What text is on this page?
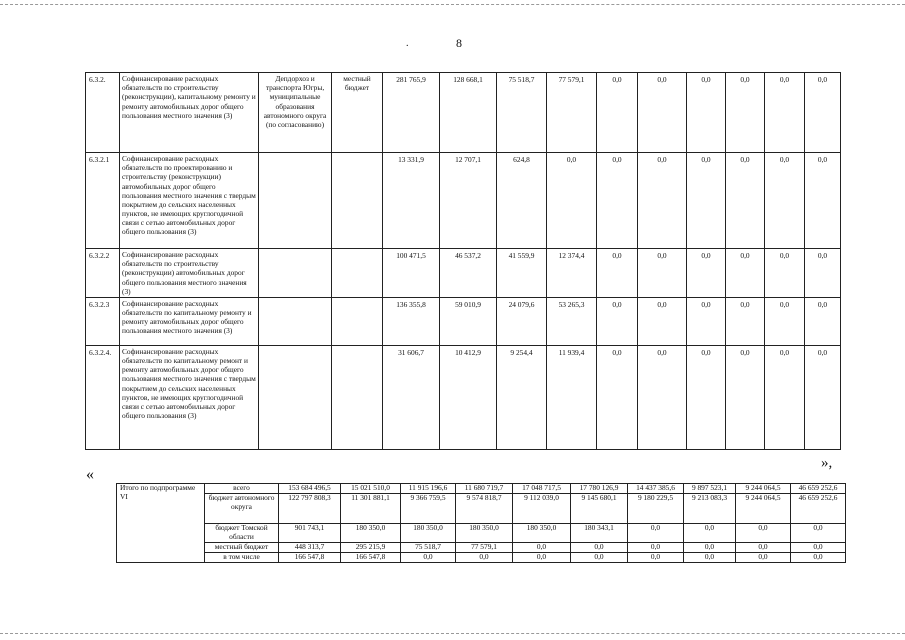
.	8
6.3.2.	Софинансирование расходных обязательств по строительству (реконструкции), капитальному ремонту и ремонту автомобильных дорог общего пользования местного значения (3)	Депдорхоз и транспорта Югры, муниципальные образования автономного округа (по согласованию)	местный бюджет	281 765,9	128 668,1	75 518,7	77 579,1	0,0	0,0	0,0	0,0	0,0	0,0
6.3.2.1	Софинансирование расходных обязательств по проектированию и строительству (реконструкции) автомобильных дорог общего пользования местного значения с твердым покрытием до сельских населенных пунктов, не имеющих круглогодичной связи с сетью автомобильных дорог общего пользования (3)			13 331,9	12 707,1	624,8	0,0	0,0	0,0	0,0	0,0	0,0	0,0
6.3.2.2	Софинансирование расходных обязательств по строительству (реконструкции) автомобильных дорог общего пользования местного значения (3)			100 471,5	46 537,2	41 559,9	12 374,4	0,0	0,0	0,0	0,0	0,0	0,0
6.3.2.3	Софинансирование расходных обязательств по капитальному ремонту и ремонту автомобильных дорог общего пользования местного значения (3)			136 355,8	59 010,9	24 079,6	53 265,3	0,0	0,0	0,0	0,0	0,0	0,0
6.3.2.4.	Софинансирование расходных обязательств по капитальному ремонт и ремонту автомобильных дорог общего пользования местного значения с твердым покрытием до сельских населенных пунктов, не имеющих круглогодичной связи с сетью автомобильных дорог общего пользования (3)			31 606,7	10 412,9	9 254,4	11 939,4	0,0	0,0	0,0	0,0	0,0	0,0
«
»,
Итого по подпрограмме VI	всего	153 684 496,5	15 021 510,0	11 915 196,6	11 680 719,7	17 048 717,5	17 780 126,9	14 437 385,6	9 897 523,1	9 244 064,5	46 659 252,6
	бюджет автономного округа	122 797 808,3	11 301 881,1	9 366 759,5	9 574 818,7	9 112 039,0	9 145 680,1	9 180 229,5	9 213 083,3	9 244 064,5	46 659 252,6
	бюджет Томской области	901 743,1	180 350,0	180 350,0	180 350,0	180 350,0	180 343,1	0,0	0,0	0,0	0,0
	местный бюджет	448 313,7	295 215,9	75 518,7	77 579,1	0,0	0,0	0,0	0,0	0,0	0,0
	в том числе	166 547,8	166 547,8	0,0	0,0	0,0	0,0	0,0	0,0	0,0	0,0
